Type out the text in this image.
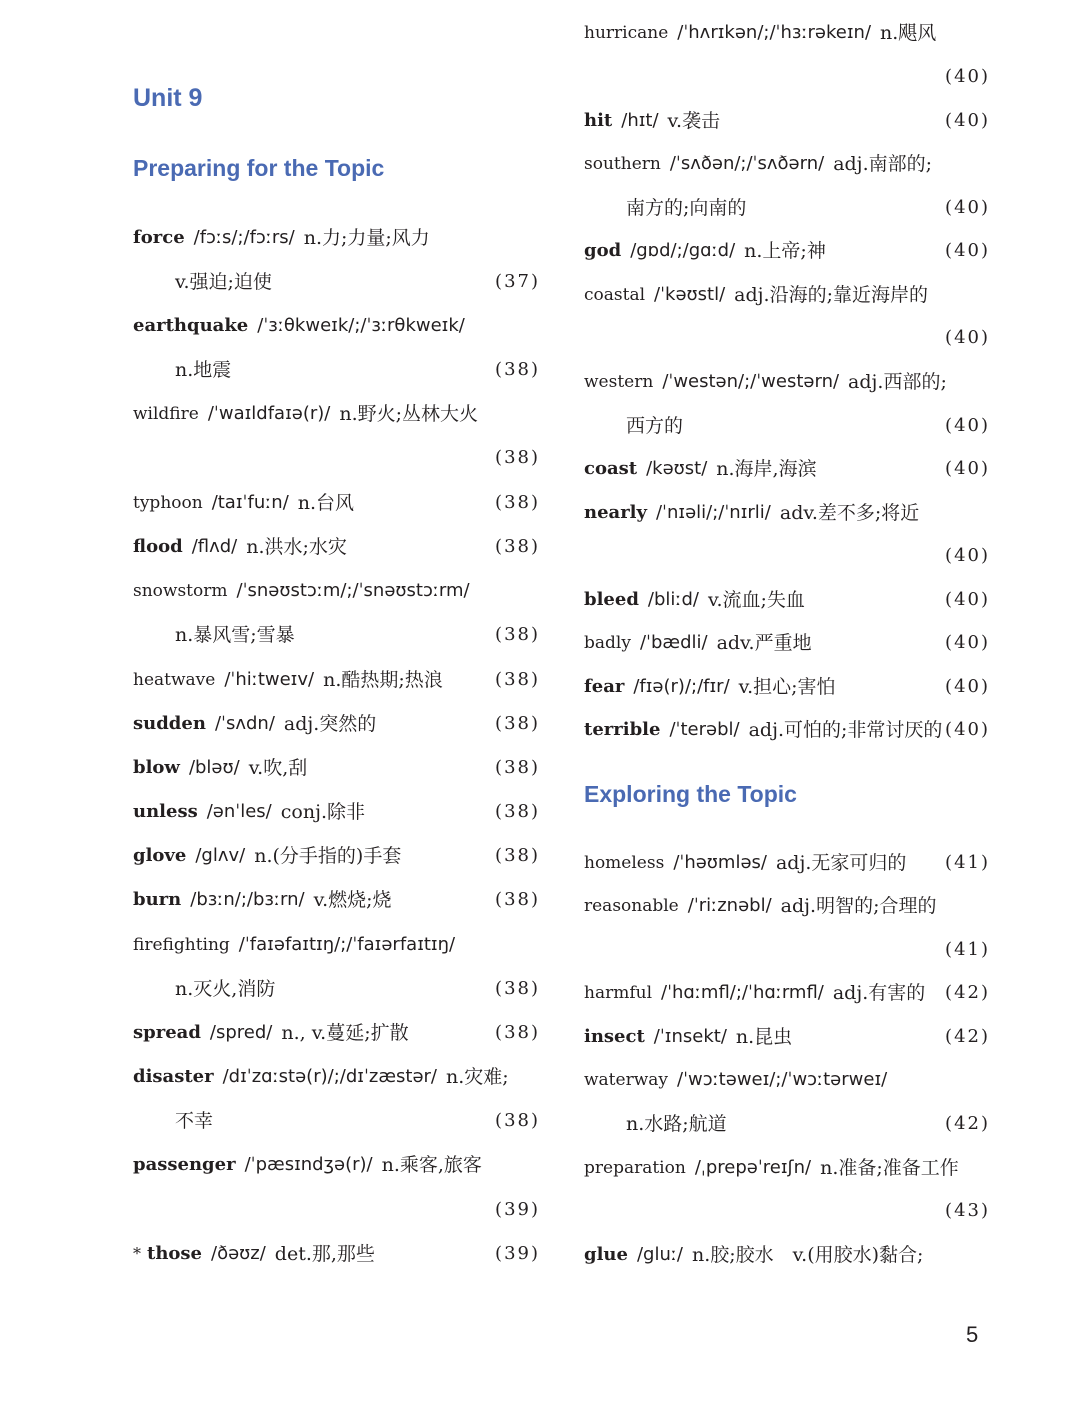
Unit 9
Preparing for the Topic
Exploring the Topic
force /fɔːs/;/fɔːrs/ n.力;力量;风力
v.强迫;迫使	(37)
earthquake /ˈɜːθkweɪk/;/ˈɜːrθkweɪk/
n.地震	(38)
wildfire /ˈwaɪldfaɪə(r)/ n.野火;丛林大火
(38)
typhoon /taɪˈfuːn/ n.台风	(38)
flood /flʌd/ n.洪水;水灾	(38)
snowstorm /ˈsnəʊstɔːm/;/ˈsnəʊstɔːrm/
n.暴风雪;雪暴	(38)
heatwave /ˈhiːtweɪv/ n.酷热期;热浪	(38)
sudden /ˈsʌdn/ adj.突然的	(38)
blow /bləʊ/ v.吹,刮	(38)
unless /ənˈles/ conj.除非	(38)
glove /glʌv/ n.(分手指的)手套	(38)
burn /bɜːn/;/bɜːrn/ v.燃烧;烧	(38)
firefighting /ˈfaɪəfaɪtɪŋ/;/ˈfaɪərfaɪtɪŋ/
n.灭火,消防	(38)
spread /spred/ n., v.蔓延;扩散	(38)
disaster /dɪˈzɑːstə(r)/;/dɪˈzæstər/ n.灾难;
不幸	(38)
passenger /ˈpæsɪndʒə(r)/ n.乘客,旅客
(39)
* those /ðəʊz/ det.那,那些	(39)
hurricane /ˈhʌrɪkən/;/ˈhɜːrəkeɪn/ n.飓风
(40)
hit /hɪt/ v.袭击	(40)
southern /ˈsʌðən/;/ˈsʌðərn/ adj.南部的;
南方的;向南的	(40)
god /gɒd/;/gɑːd/ n.上帝;神	(40)
coastal /ˈkəʊstl/ adj.沿海的;靠近海岸的
(40)
western /ˈwestən/;/ˈwestərn/ adj.西部的;
西方的	(40)
coast /kəʊst/ n.海岸,海滨	(40)
nearly /ˈnɪəli/;/ˈnɪrli/ adv.差不多;将近
(40)
bleed /bliːd/ v.流血;失血	(40)
badly /ˈbædli/ adv.严重地	(40)
fear /fɪə(r)/;/fɪr/ v.担心;害怕	(40)
terrible /ˈterəbl/ adj.可怕的;非常讨厌的 (40)
homeless /ˈhəʊmləs/ adj.无家可归的 (41)
reasonable /ˈriːznəbl/ adj.明智的;合理的
(41)
harmful /ˈhɑːmfl/;/ˈhɑːrmfl/ adj.有害的 (42)
insect /ˈɪnsekt/ n.昆虫	(42)
waterway /ˈwɔːtəweɪ/;/ˈwɔːtərweɪ/
n.水路;航道	(42)
preparation /ˌprepəˈreɪʃn/ n.准备;准备工作
(43)
glue /gluː/ n.胶;胶水　v.(用胶水)黏合;
5
